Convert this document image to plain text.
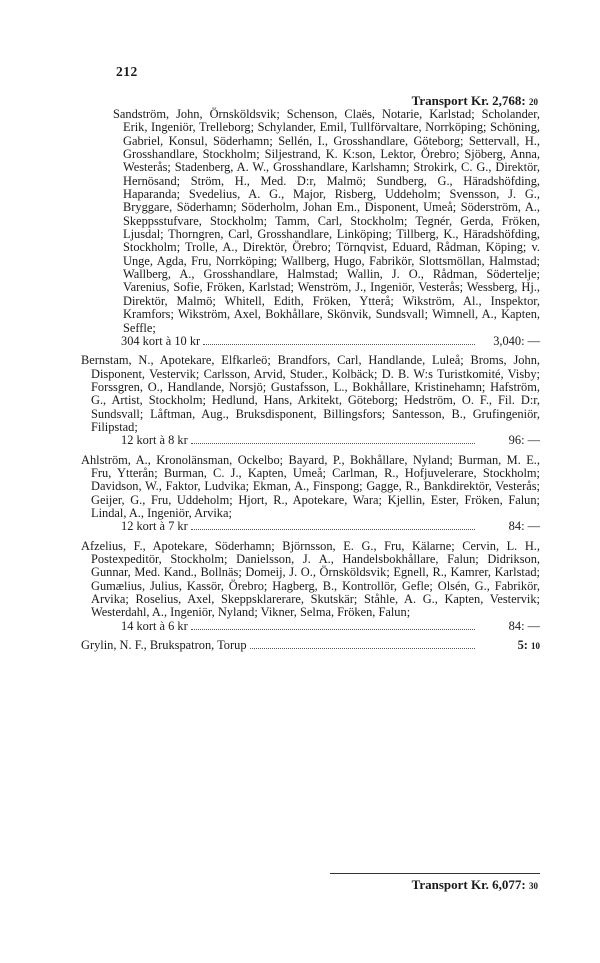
212
Transport Kr. 2,768: 20
Sandström, John, Örnsköldsvik; Schenson, Claës, Notarie, Karlstad; Scholander, Erik, Ingeniör, Trelleborg; Schylander, Emil, Tullförvaltare, Norrköping; Schöning, Gabriel, Konsul, Söderhamn; Sellén, I., Grosshandlare, Göteborg; Settervall, H., Grosshandlare, Stockholm; Siljestrand, K. K:son, Lektor, Örebro; Sjöberg, Anna, Westerås; Stadenberg, A. W., Grosshandlare, Karlshamn; Strokirk, C. G., Direktör, Hernösand; Ström, H., Med. D:r, Malmö; Sundberg, G., Häradshöfding, Haparanda; Svedelius, A. G., Major, Risberg, Uddeholm; Svensson, J. G., Bryggare, Söderhamn; Söderholm, Johan Em., Disponent, Umeå; Söderström, A., Skeppsstufvare, Stockholm; Tamm, Carl, Stockholm; Tegnér, Gerda, Fröken, Ljusdal; Thorngren, Carl, Grosshandlare, Linköping; Tillberg, K., Häradshöfding, Stockholm; Trolle, A., Direktör, Örebro; Törnqvist, Eduard, Rådman, Köping; v. Unge, Agda, Fru, Norrköping; Wallberg, Hugo, Fabrikör, Slottsmöllan, Halmstad; Wallberg, A., Grosshandlare, Halmstad; Wallin, J. O., Rådman, Södertelje; Varenius, Sofie, Fröken, Karlstad; Wenström, J., Ingeniör, Vesterås; Wessberg, Hj., Direktör, Malmö; Whitell, Edith, Fröken, Ytterå; Wikström, Al., Inspektor, Kramfors; Wikström, Axel, Bokhållare, Skönvik, Sundsvall; Wimnell, A., Kapten, Seffle;
304 kort à 10 kr	3,040: —
Bernstam, N., Apotekare, Elfkarleö; Brandfors, Carl, Handlande, Luleå; Broms, John, Disponent, Vestervik; Carlsson, Arvid, Studer., Kolbäck; D. B. W:s Turistkomité, Visby; Forssgren, O., Handlande, Norsjö; Gustafsson, L., Bokhållare, Kristinehamn; Hafström, G., Artist, Stockholm; Hedlund, Hans, Arkitekt, Göteborg; Hedström, O. F., Fil. D:r, Sundsvall; Låftman, Aug., Bruksdisponent, Billingsfors; Santesson, B., Grufingeniör, Filipstad;
12 kort à 8 kr	96: —
Ahlström, A., Kronolänsman, Ockelbo; Bayard, P., Bokhållare, Nyland; Burman, M. E., Fru, Ytterån; Burman, C. J., Kapten, Umeå; Carlman, R., Hofjuvelerare, Stockholm; Davidson, W., Faktor, Ludvika; Ekman, A., Finspong; Gagge, R., Bankdirektör, Vesterås; Geijer, G., Fru, Uddeholm; Hjort, R., Apotekare, Wara; Kjellin, Ester, Fröken, Falun; Lindal, A., Ingeniör, Arvika;
12 kort à 7 kr	84: —
Afzelius, F., Apotekare, Söderhamn; Björnsson, E. G., Fru, Kälarne; Cervin, L. H., Postexpeditör, Stockholm; Danielsson, J. A., Handelsbokhållare, Falun; Didrikson, Gunnar, Med. Kand., Bollnäs; Domeij, J. O., Örnsköldsvik; Egnell, R., Kamrer, Karlstad; Gumælius, Julius, Kassör, Örebro; Hagberg, B., Kontrollör, Gefle; Olsén, G., Fabrikör, Arvika; Roselius, Axel, Skeppsklarerare, Skutskär; Ståhle, A. G., Kapten, Vestervik; Westerdahl, A., Ingeniör, Nyland; Vikner, Selma, Fröken, Falun;
14 kort à 6 kr	84: —
Grylin, N. F., Brukspatron, Torup	5: 10
Transport Kr. 6,077: 30
